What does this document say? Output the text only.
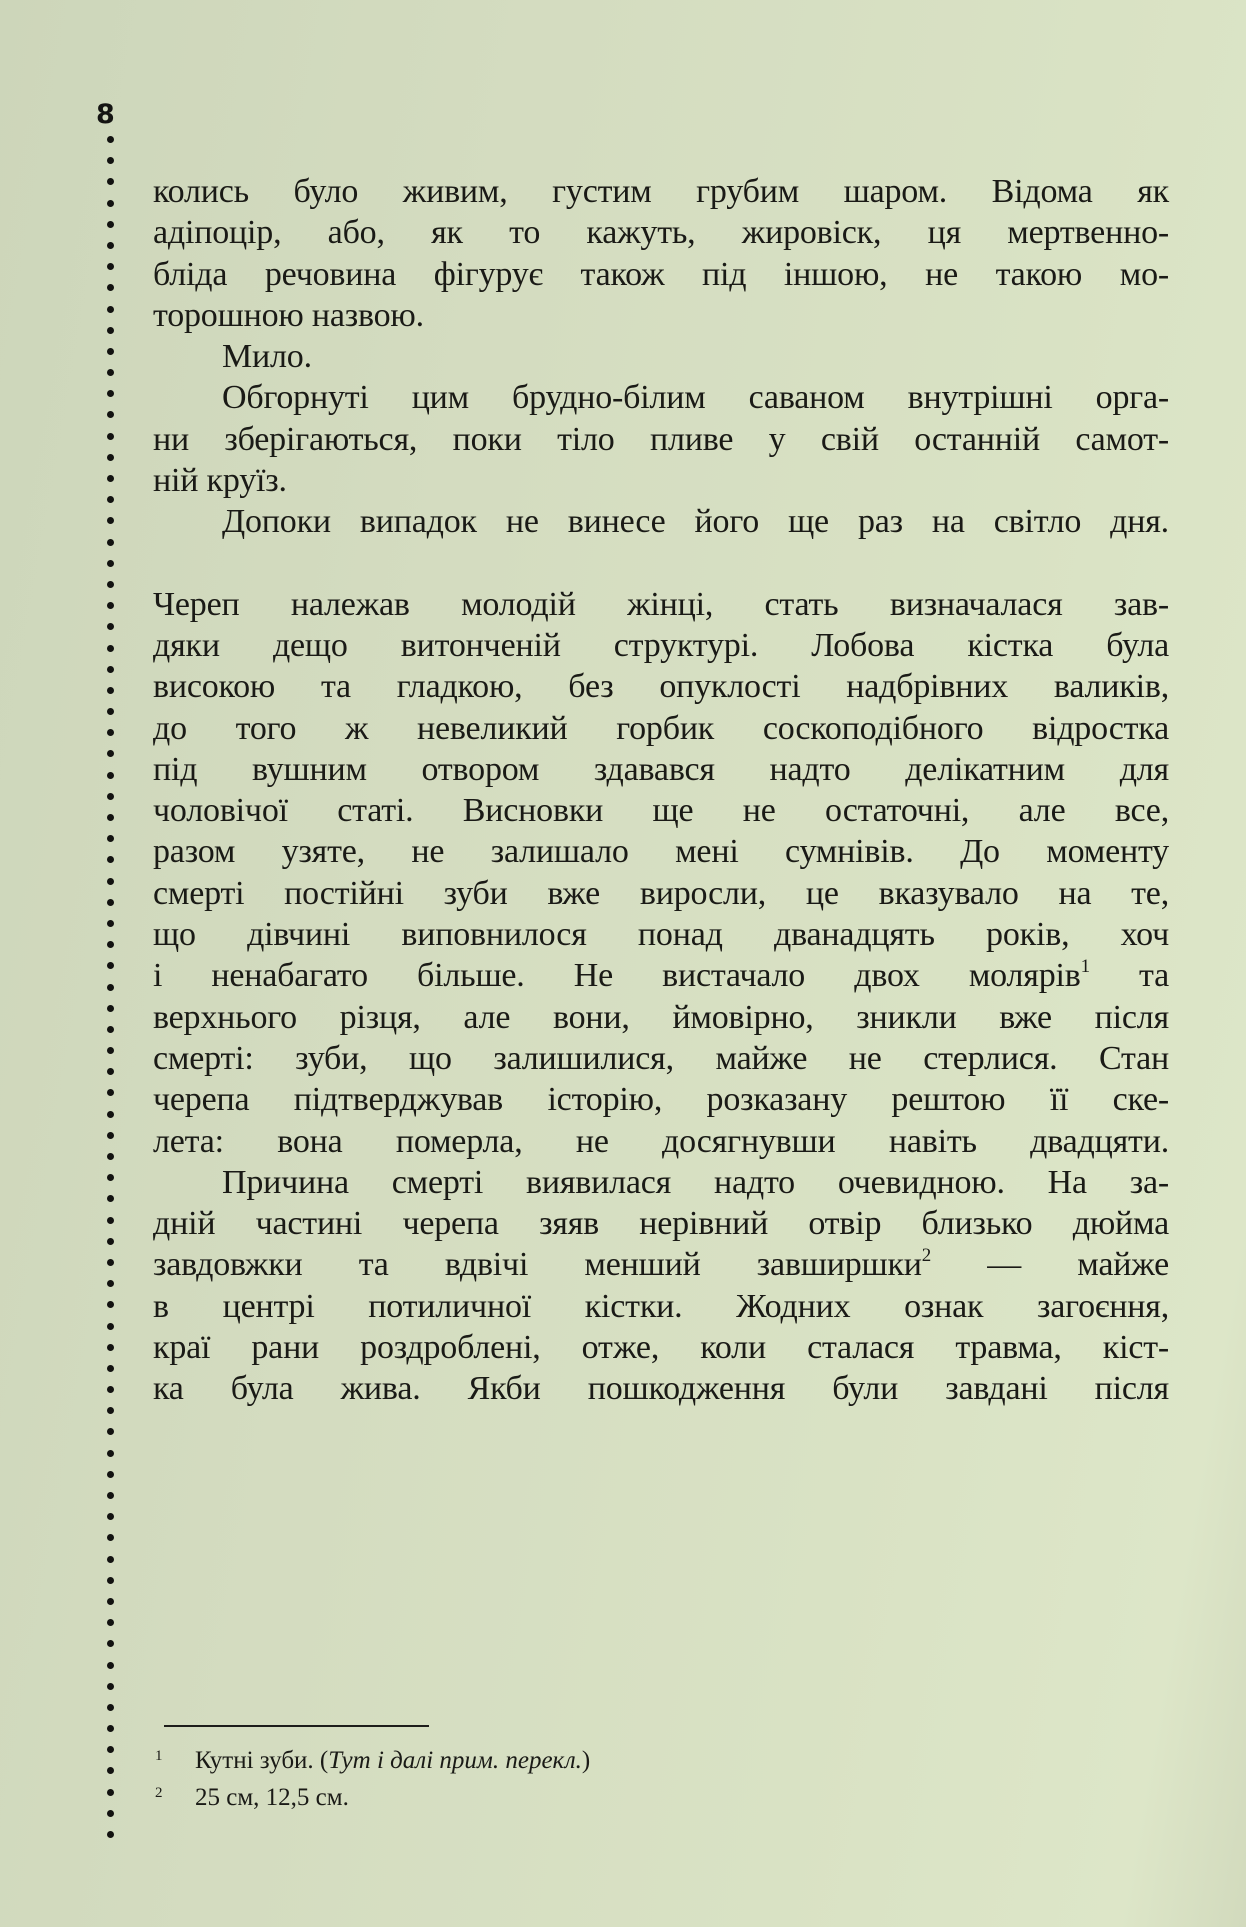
8
колись було живим, густим грубим шаром. Відома як
адіпоцір, або, як то кажуть, жировіск, ця мертвенно-
бліда речовина фігурує також під іншою, не такою мо-
торошною назвою.
Мило.
Обгорнуті цим брудно-білим саваном внутрішні орга-
ни зберігаються, поки тіло пливе у свій останній самот-
ній круїз.
Допоки випадок не винесе його ще раз на світло дня.
Череп належав молодій жінці, стать визначалася зав-
дяки дещо витонченій структурі. Лобова кістка була
високою та гладкою, без опуклості надбрівних валиків,
до того ж невеликий горбик соскоподібного відростка
під вушним отвором здавався надто делікатним для
чоловічої статі. Висновки ще не остаточні, але все,
разом узяте, не залишало мені сумнівів. До моменту
смерті постійні зуби вже виросли, це вказувало на те,
що дівчині виповнилося понад дванадцять років, хоч
і ненабагато більше. Не вистачало двох молярів$^1$ та
верхнього різця, але вони, ймовірно, зникли вже після
смерті: зуби, що залишилися, майже не стерлися. Стан
черепа підтверджував історію, розказану рештою її ске-
лета: вона померла, не досягнувши навіть двадцяти.
Причина смерті виявилася надто очевидною. На за-
дній частині черепа зяяв нерівний отвір близько дюйма
завдовжки та вдвічі менший завширшки$^2$ — майже
в центрі потиличної кістки. Жодних ознак загоєння,
краї рани роздроблені, отже, коли сталася травма, кіст-
ка була жива. Якби пошкодження були завдані після
1	Кутні зуби. (Тут і далі прим. перекл.)
2	25 см, 12,5 см.
